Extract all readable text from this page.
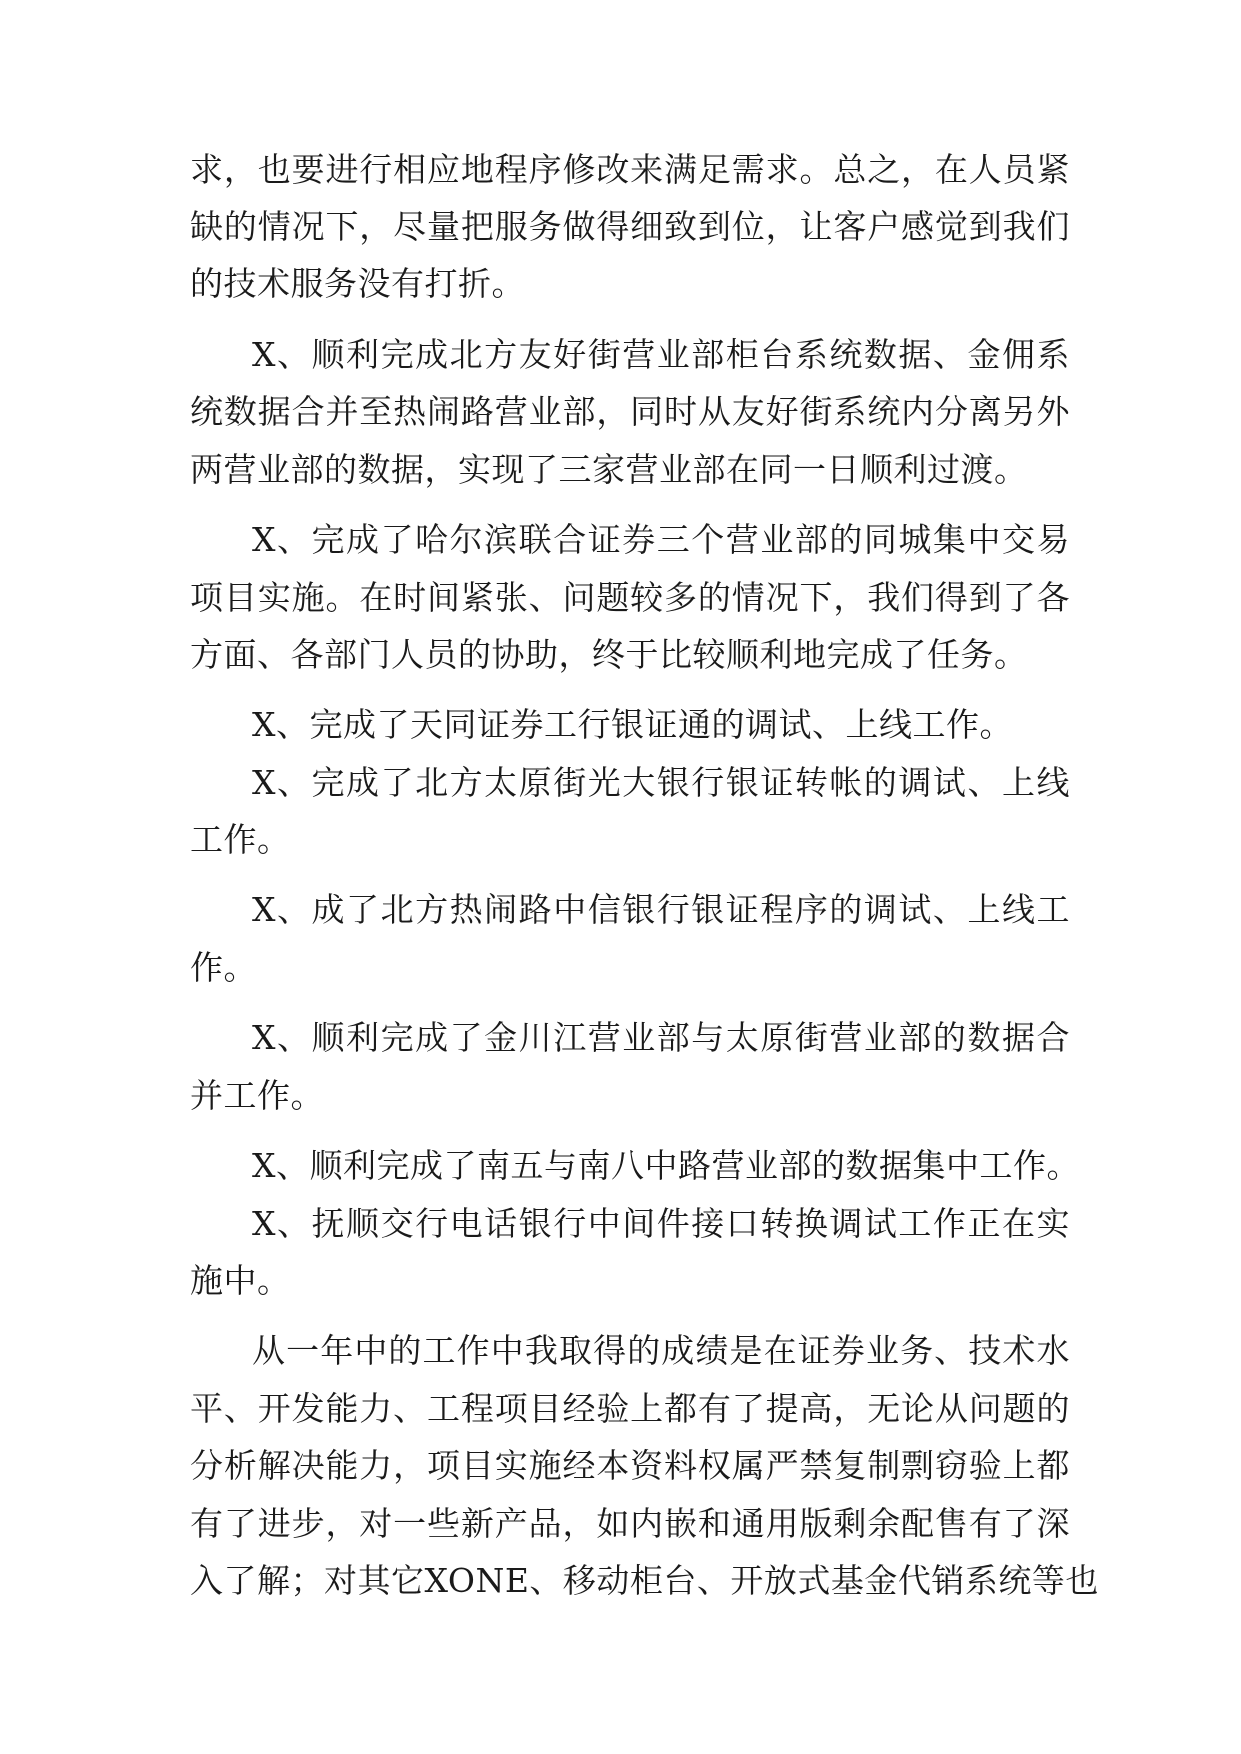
求，也要进行相应地程序修改来满足需求。总之，在人员紧
缺的情况下，尽量把服务做得细致到位，让客户感觉到我们
的技术服务没有打折。
X、顺利完成北方友好街营业部柜台系统数据、金佣系
统数据合并至热闹路营业部，同时从友好街系统内分离另外
两营业部的数据，实现了三家营业部在同一日顺利过渡。
X、完成了哈尔滨联合证券三个营业部的同城集中交易
项目实施。在时间紧张、问题较多的情况下，我们得到了各
方面、各部门人员的协助，终于比较顺利地完成了任务。
X、完成了天同证券工行银证通的调试、上线工作。
X、完成了北方太原街光大银行银证转帐的调试、上线
工作。
X、成了北方热闹路中信银行银证程序的调试、上线工
作。
X、顺利完成了金川江营业部与太原街营业部的数据合
并工作。
X、顺利完成了南五与南八中路营业部的数据集中工作。
X、抚顺交行电话银行中间件接口转换调试工作正在实
施中。
从一年中的工作中我取得的成绩是在证券业务、技术水
平、开发能力、工程项目经验上都有了提高，无论从问题的
分析解决能力，项目实施经本资料权属严禁复制剽窃验上都
有了进步，对一些新产品，如内嵌和通用版剩余配售有了深
入了解；对其它XONE、移动柜台、开放式基金代销系统等也
